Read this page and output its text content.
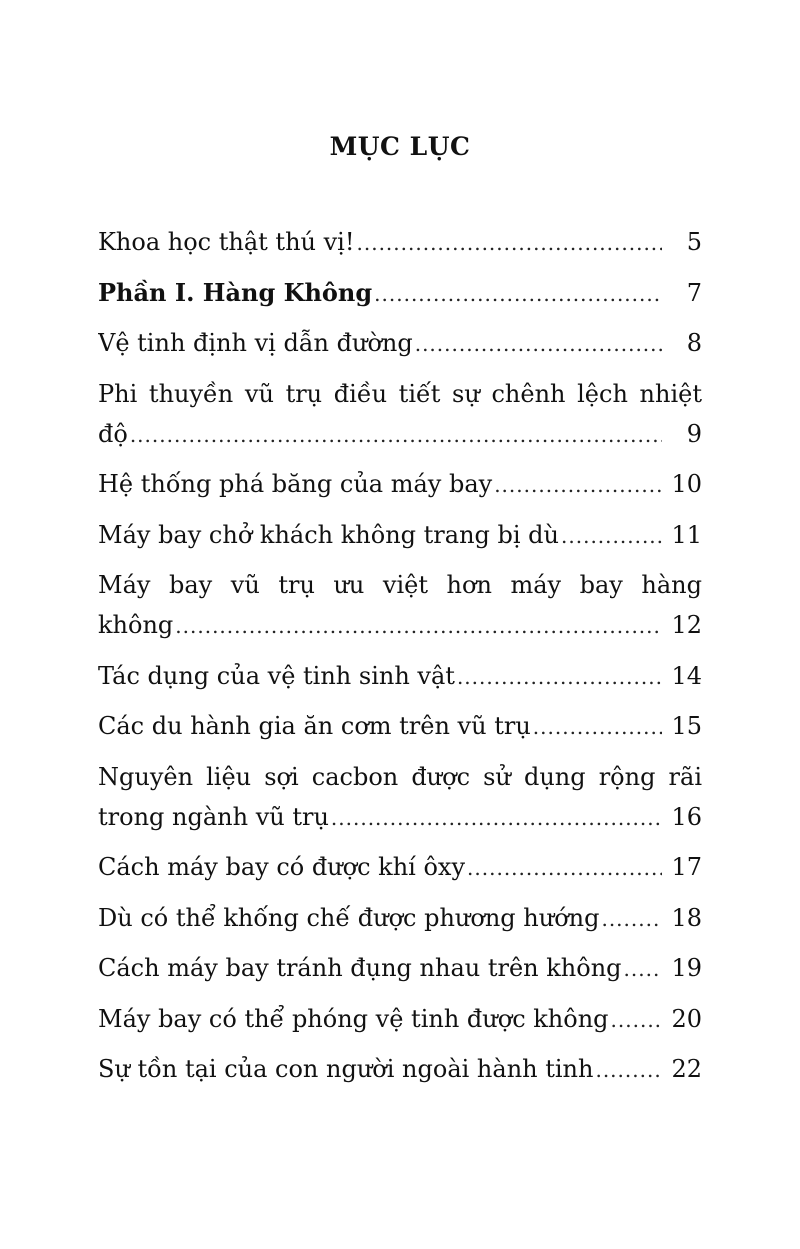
MỤC LỤC
Khoa học thật thú vị! .....	5
Phần I. Hàng Không .....	7
Vệ tinh định vị dẫn đường .....	8
Phi thuyền vũ trụ điều tiết sự chênh lệch nhiệt
độ .....	9
Hệ thống phá băng của máy bay .....	10
Máy bay chở khách không trang bị dù .....	11
Máy bay vũ trụ ưu việt hơn máy bay hàng
không .....	12
Tác dụng của vệ tinh sinh vật .....	14
Các du hành gia ăn cơm trên vũ trụ .....	15
Nguyên liệu sợi cacbon được sử dụng rộng rãi
trong ngành vũ trụ .....	16
Cách máy bay có được khí ôxy .....	17
Dù có thể khống chế được phương hướng .....	18
Cách máy bay tránh đụng nhau trên không ..... 19
Máy bay có thể phóng vệ tinh được không .....	20
Sự tồn tại của con người ngoài hành tinh .....	22
